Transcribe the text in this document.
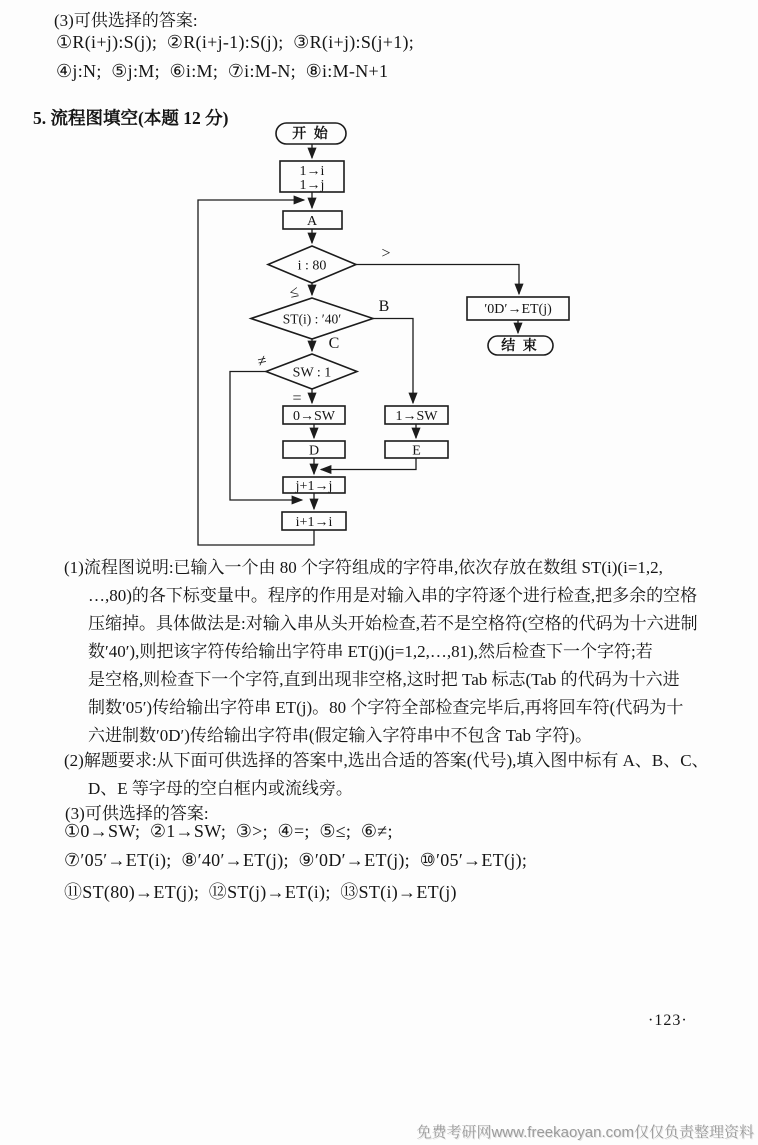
(3)可供选择的答案:
①R(i+j):S(j);  ②R(i+j-1):S(j);  ③R(i+j):S(j+1);
④j:N;  ⑤j:M;  ⑥i:M;  ⑦i:M-N;  ⑧i:M-N+1
5. 流程图填空(本题 12 分)
开 始
1→i
1→j
A
i : 80
>
≤
′0D′→ET(j)
结 束
ST(i) : ′40′
B
C
SW : 1
≠
=
0→SW	1→SW
D	E
j+1→j
i+1→i
(1)流程图说明:已输入一个由 80 个字符组成的字符串,依次存放在数组 ST(i)(i=1,2,
…,80)的各下标变量中。程序的作用是对输入串的字符逐个进行检查,把多余的空格
压缩掉。具体做法是:对输入串从头开始检查,若不是空格符(空格的代码为十六进制
数′40′),则把该字符传给输出字符串 ET(j)(j=1,2,…,81),然后检查下一个字符;若
是空格,则检查下一个字符,直到出现非空格,这时把 Tab 标志(Tab 的代码为十六进
制数′05′)传给输出字符串 ET(j)。80 个字符全部检查完毕后,再将回车符(代码为十
六进制数′0D′)传给输出字符串(假定输入字符串中不包含 Tab 字符)。
(2)解题要求:从下面可供选择的答案中,选出合适的答案(代号),填入图中标有 A、B、C、
D、E 等字母的空白框内或流线旁。
(3)可供选择的答案:
①0→SW;  ②1→SW;  ③>;  ④=;  ⑤≤;  ⑥≠;
⑦′05′→ET(i);  ⑧′40′→ET(j);  ⑨′0D′→ET(j);  ⑩′05′→ET(j);
⑪ST(80)→ET(j);  ⑫ST(j)→ET(i);  ⑬ST(i)→ET(j)
·123·
免费考研网www.freekaoyan.com仅仅负责整理资料
